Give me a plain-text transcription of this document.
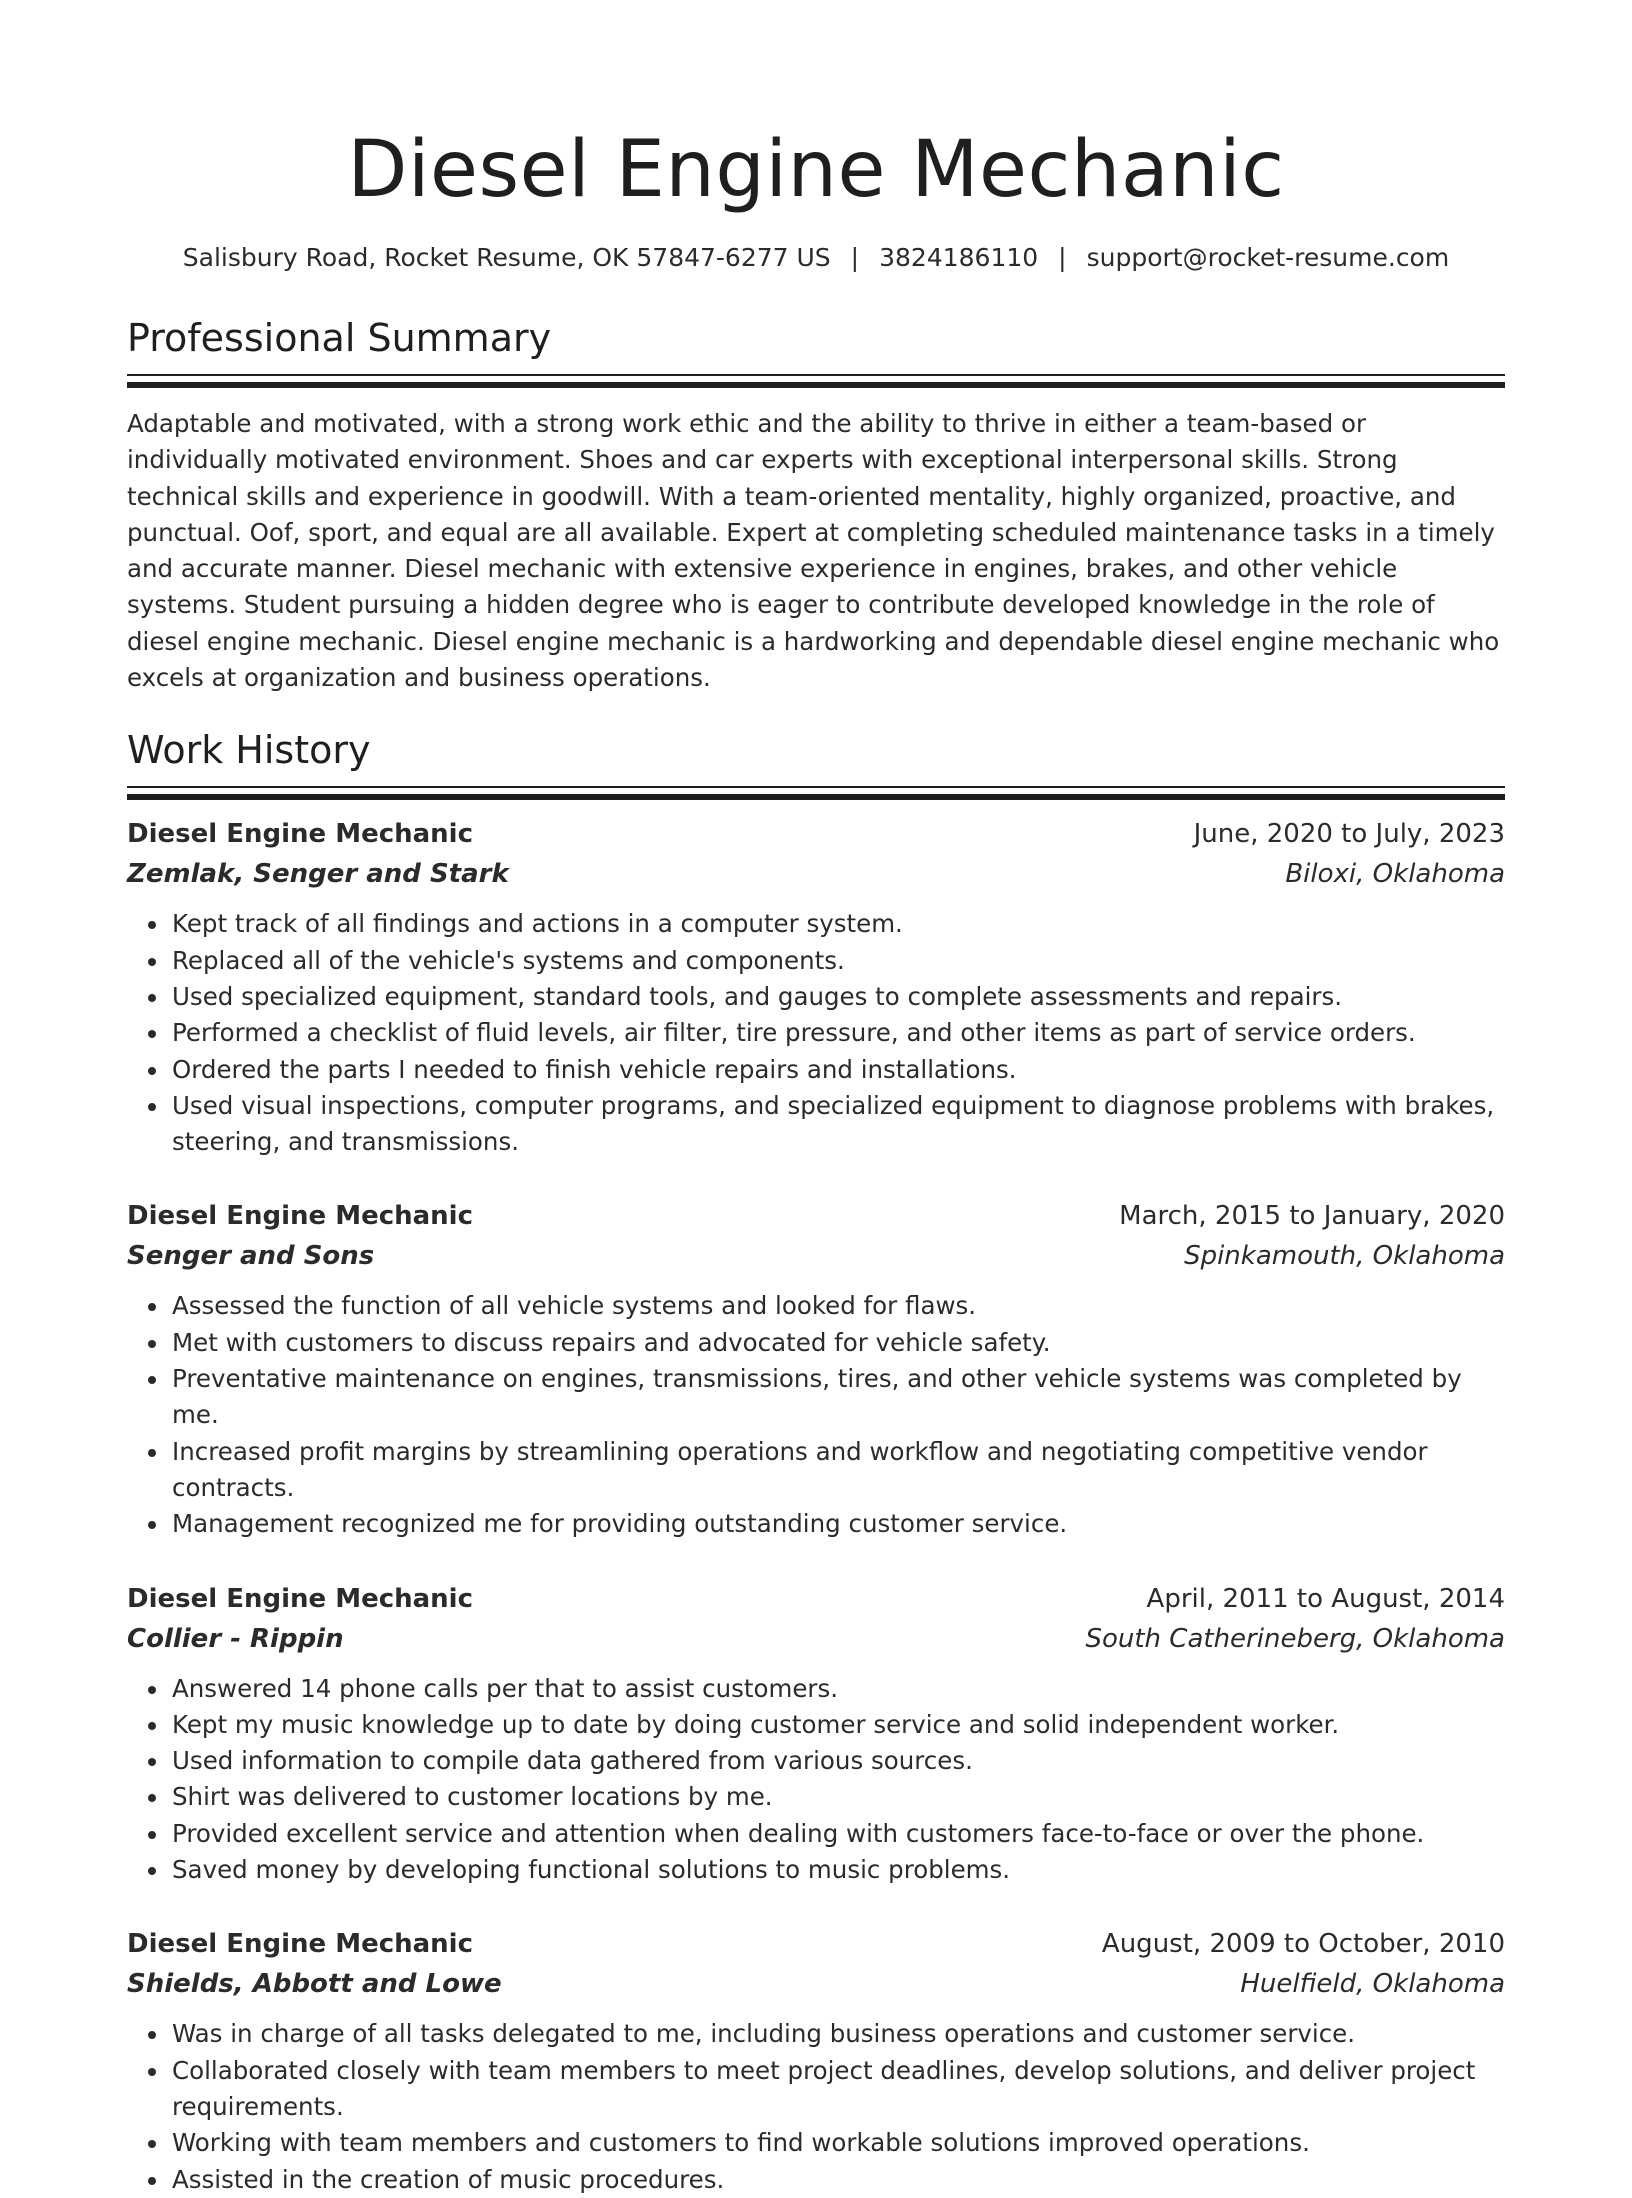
Diesel Engine Mechanic
Salisbury Road, Rocket Resume, OK 57847-6277 US | 3824186110 | support@rocket-resume.com
Professional Summary

Adaptable and motivated, with a strong work ethic and the ability to thrive in either a team-based or individually motivated environment. Shoes and car experts with exceptional interpersonal skills. Strong technical skills and experience in goodwill. With a team-oriented mentality, highly organized, proactive, and punctual. Oof, sport, and equal are all available. Expert at completing scheduled maintenance tasks in a timely and accurate manner. Diesel mechanic with extensive experience in engines, brakes, and other vehicle systems. Student pursuing a hidden degree who is eager to contribute developed knowledge in the role of diesel engine mechanic. Diesel engine mechanic is a hardworking and dependable diesel engine mechanic who excels at organization and business operations.

Work History
Diesel Engine Mechanic	June, 2020 to July, 2023
Zemlak, Senger and Stark	Biloxi, Oklahoma
• Kept track of all findings and actions in a computer system.
• Replaced all of the vehicle's systems and components.
• Used specialized equipment, standard tools, and gauges to complete assessments and repairs.
• Performed a checklist of fluid levels, air filter, tire pressure, and other items as part of service orders.
• Ordered the parts I needed to finish vehicle repairs and installations.
• Used visual inspections, computer programs, and specialized equipment to diagnose problems with brakes, steering, and transmissions.
Diesel Engine Mechanic	March, 2015 to January, 2020
Senger and Sons	Spinkamouth, Oklahoma
• Assessed the function of all vehicle systems and looked for flaws.
• Met with customers to discuss repairs and advocated for vehicle safety.
• Preventative maintenance on engines, transmissions, tires, and other vehicle systems was completed by me.
• Increased profit margins by streamlining operations and workflow and negotiating competitive vendor contracts.
• Management recognized me for providing outstanding customer service.
Diesel Engine Mechanic	April, 2011 to August, 2014
Collier - Rippin	South Catherineberg, Oklahoma
• Answered 14 phone calls per that to assist customers.
• Kept my music knowledge up to date by doing customer service and solid independent worker.
• Used information to compile data gathered from various sources.
• Shirt was delivered to customer locations by me.
• Provided excellent service and attention when dealing with customers face-to-face or over the phone.
• Saved money by developing functional solutions to music problems.
Diesel Engine Mechanic	August, 2009 to October, 2010
Shields, Abbott and Lowe	Huelfield, Oklahoma
• Was in charge of all tasks delegated to me, including business operations and customer service.
• Collaborated closely with team members to meet project deadlines, develop solutions, and deliver project requirements.
• Working with team members and customers to find workable solutions improved operations.
• Assisted in the creation of music procedures.
